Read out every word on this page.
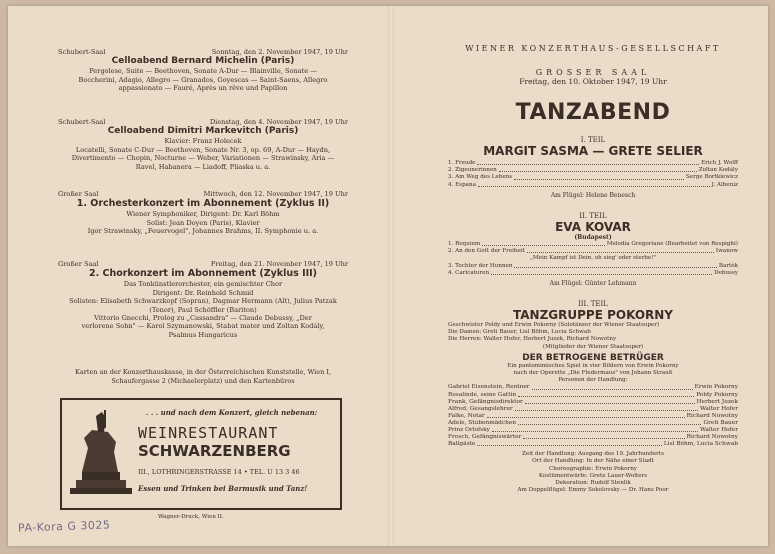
Schubert-Saal	Sonntag, den 2. November 1947, 19 Uhr
Celloabend Bernard Michelin (Paris)
Pergolese, Suite — Beethoven, Sonate A-Dur — Blainville, Sonate —
Boccherini, Adagio, Allegro — Granados, Goyescas — Saint-Saens, Allegro
appassionato — Fauré, Après un rêve und Papillon
Schubert-Saal	Dienstag, den 4. November 1947, 19 Uhr
Celloabend Dimitri Markevitch (Paris)
Klavier: Franz Holecek
Locatelli, Sonate C-Dur — Beethoven, Sonate Nr. 3, op. 69, A-Dur — Haydn,
Divertimento — Chopin, Nocturne — Weber, Variationen — Strawinsky, Aria —
Ravel, Habanera — Liadoff, Pliaska u. a.
Großer Saal	Mittwoch, den 12. November 1947, 19 Uhr
1. Orchesterkonzert im Abonnement (Zyklus II)
Wiener Symphoniker, Dirigent: Dr. Karl Böhm
Solist: Jean Doyen (Paris), Klavier
Igor Strawinsky, „Feuervogel", Johannes Brahms, II. Symphonie u. a.
Großer Saal	Freitag, den 21. November 1947, 19 Uhr
2. Chorkonzert im Abonnement (Zyklus III)
Das Tonkünstlerorchester, ein gemischter Chor
Dirigent: Dr. Reinhold Schmid
Solisten: Elisabeth Schwarzkopf (Sopran), Dagmar Hermann (Alt), Julius Patzak
(Tenor), Paul Schöffler (Bariton)
Vittorio Gnecchi, Prolog zu „Cassandra" — Claude Debussy, „Der
verlorene Sohn" — Karol Szymanowski, Stabat mater und Zoltan Kodály,
Psalmus Hungaricus
Karten an der Konzerthauskasse, in der Österreichischen Kunststelle, Wien I,
Schaufergasse 2 (Michaelerplatz) und den Kartenbüros
. . . und nach dem Konzert, gleich nebenan:
WEINRESTAURANT
SCHWARZENBERG
III., LOTHRINGERSTRASSE 14 • TEL. U 13 3 46
Essen und Trinken bei Barmusik und Tanz!
Wagner-Druck, Wien II.
WIENER KONZERTHAUS-GESELLSCHAFT
GROSSER SAAL
Freitag, den 10. Oktober 1947, 19 Uhr
TANZABEND
I. TEIL
MARGIT SASMA — GRETE SELIER
1. Freude	Erich J. Wolff
2. Zigeunerinnen	Zoltan Kodály
3. Am Weg des Lebens	Serge Bortkiewicz
4. Espana	J. Albeniz
Am Flügel: Helene Benesch
II. TEIL
EVA KOVAR
(Budapest)
1. Requiem	Melodia Gregoriane (Bearbeitet von Respighi)
2. An den Gott der Freiheit	Iwanow
„Mein Kampf ist Dein, oh sieg' oder sterbe!"
3. Tochter der Hunnen	Bartók
4. Caricaturen	Debussy
Am Flügel: Günter Lehmann
III. TEIL
TANZGRUPPE POKORNY
Geschwister Poldy und Erwin Pokorny (Solotänzer der Wiener Staatsoper)
Die Damen: Greti Bauer, Lisl Böhm, Lucia Schwab
Die Herren: Walter Hofer, Herbert Juzek, Richard Nowotny
(Mitglieder der Wiener Staatsoper)
DER BETROGENE BETRÜGER
Ein pantomimisches Spiel in vier Bildern von Erwin Pokorny
nach der Operette „Die Fledermaus" von Johann Strauß
Personen der Handlung:
Gabriel Eisenstein, Rentner	Erwin Pokorny
Rosalinde, seine Gattin	Poldy Pokorny
Frank, Gefängnisdirektor	Herbert Juzek
Alfred, Gesangslehrer	Walter Hofer
Falke, Notar	Richard Nowotny
Adele, Stubenmädchen	Greti Bauer
Prinz Orlofsky	Walter Hofer
Frosch, Gefängniswärter	Richard Nowotny
Ballgäste	Lisl Böhm, Lucia Schwab
Zeit der Handlung: Ausgang des 19. Jahrhunderts
Ort der Handlung: In der Nähe einer Stadt
Choreographie: Erwin Pokorny
Kostümentwürfe: Grete Lauer-Wolters
Dekoration: Rudolf Stenlik
Am Doppelflügel: Emmy Sokolovsky — Dr. Hans Poor
PA-Kora G 3025
